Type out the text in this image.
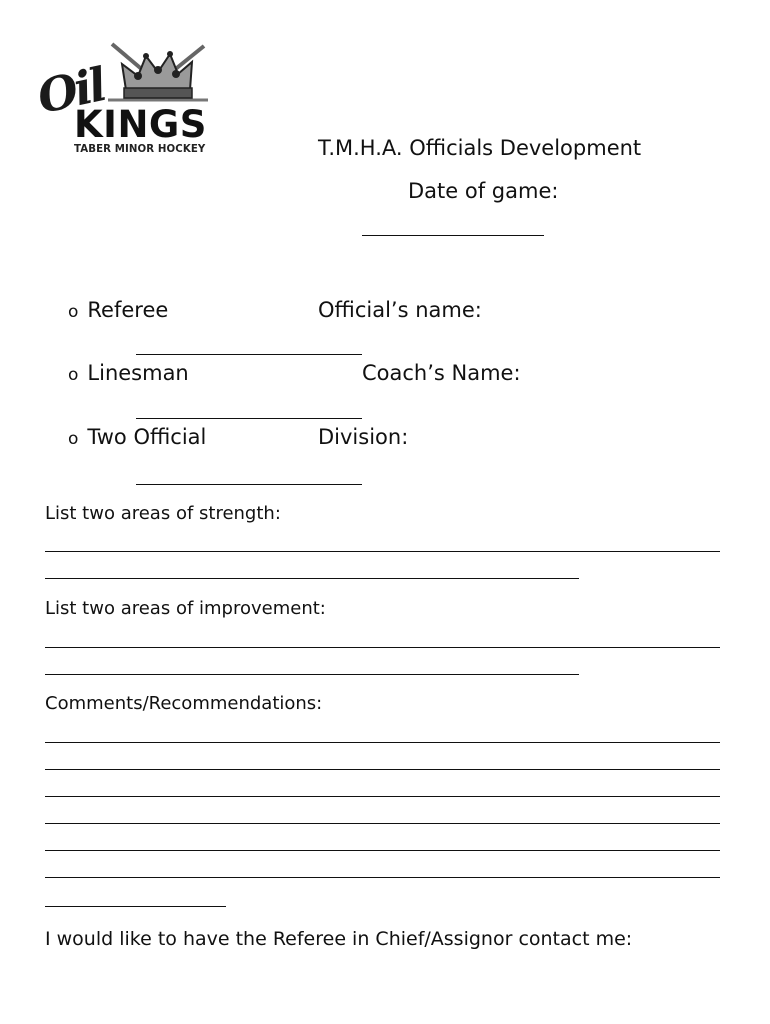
Oil
KINGS
TABER MINOR HOCKEY	T.M.H.A. Officials Development
Date of game:
o Referee
o Linesman
o Two Official
Official’s name:
Coach’s Name:
Division:
List two areas of strength:
List two areas of improvement:
Comments/Recommendations:
I would like to have the Referee in Chief/Assignor contact me:
